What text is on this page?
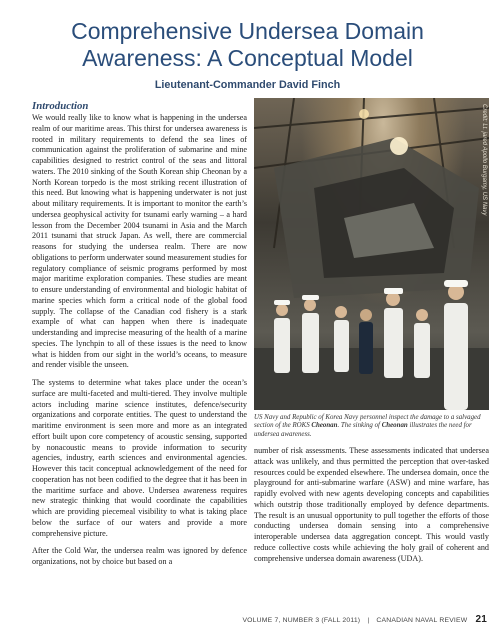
Comprehensive Undersea Domain
Awareness: A Conceptual Model
Lieutenant-Commander David Finch
Introduction

We would really like to know what is happening in the undersea realm of our maritime areas. This thirst for undersea awareness is rooted in military requirements to defend the sea lines of communication against the proliferation of submarine and mine capabilities designed to restrict control of the seas and littoral waters. The 2010 sinking of the South Korean ship Cheonan by a North Korean torpedo is the most striking recent illustration of this need. But knowing what is happening underwater is not just about military requirements. It is important to monitor the earth’s undersea geophysical activity for tsunami early warning – a hard lesson from the December 2004 tsunami in Asia and the March 2011 tsunami that struck Japan. As well, there are commercial reasons for studying the undersea realm. There are now obligations to perform underwater sound measurement studies for regulatory compliance of seismic programs performed by most major maritime exploration companies. These studies are meant to ensure understanding of environmental and biologic habitat of marine species which form a critical node of the global food supply. The collapse of the Canadian cod fishery is a stark example of what can happen when there is inadequate understanding and imprecise measuring of the health of a marine species. The lynchpin to all of these issues is the need to know what is hidden from our sight in the world’s oceans, to measure and render visible the unseen.

The systems to determine what takes place under the ocean’s surface are multi-faceted and multi-tiered. They involve multiple actors including marine science institutes, defence/security organizations and corporate entities. The quest to understand the maritime environment is seen more and more as an integrated effort built upon core competency of acoustic sensing, supported by nonacoustic means to provide information to security agencies, industry, earth sciences and environmental agencies. However this tacit conceptual acknowledgement of the need for cooperation has not been codified to the degree that it has been in the maritime surface and above. Undersea awareness requires new strategic thinking that would coordinate the capabilities which are providing piecemeal visibility to what is taking place below the surface of our waters and provide a more comprehensive picture.

After the Cold War, the undersea realm was ignored by defence organizations, not by choice but based on a

Credit: Lt. jared Apollo Burgamy, US Navy
US Navy and Republic of Korea Navy personnel inspect the damage to a salvaged section of the ROKS Cheonan. The sinking of Cheonan illustrates the need for undersea awareness.

number of risk assessments. These assessments indicated that undersea attack was unlikely, and thus permitted the perception that over-tasked resources could be expended elsewhere. The undersea domain, once the playground for anti-submarine warfare (ASW) and mine warfare, has rapidly evolved with new agents developing concepts and capabilities which outstrip those traditionally employed by defence departments. The result is an unusual opportunity to pull together the efforts of those conducting undersea domain sensing into a comprehensive interoperable undersea data aggregation concept. This would vastly reduce collective costs while achieving the holy grail of coherent and comprehensive undersea domain awareness (UDA).

VOLUME 7, NUMBER 3 (FALL 2011) | CANADIAN NAVAL REVIEW 21
